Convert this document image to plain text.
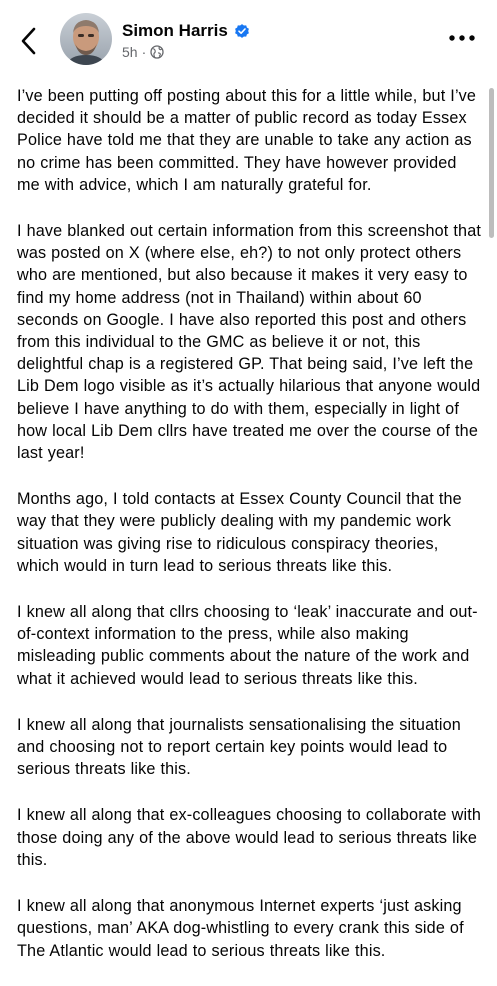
Simon Harris
5h ·

I’ve been putting off posting about this for a little while, but I’ve decided it should be a matter of public record as today Essex Police have told me that they are unable to take any action as no crime has been committed. They have however provided me with advice, which I am naturally grateful for.

I have blanked out certain information from this screenshot that was posted on X (where else, eh?) to not only protect others who are mentioned, but also because it makes it very easy to find my home address (not in Thailand) within about 60 seconds on Google. I have also reported this post and others from this individual to the GMC as believe it or not, this delightful chap is a registered GP. That being said, I’ve left the Lib Dem logo visible as it’s actually hilarious that anyone would believe I have anything to do with them, especially in light of how local Lib Dem cllrs have treated me over the course of the last year!

Months ago, I told contacts at Essex County Council that the way that they were publicly dealing with my pandemic work situation was giving rise to ridiculous conspiracy theories, which would in turn lead to serious threats like this.

I knew all along that cllrs choosing to ‘leak’ inaccurate and out-of-context information to the press, while also making misleading public comments about the nature of the work and what it achieved would lead to serious threats like this.

I knew all along that journalists sensationalising the situation and choosing not to report certain key points would lead to serious threats like this.

I knew all along that ex-colleagues choosing to collaborate with those doing any of the above would lead to serious threats like this.

I knew all along that anonymous Internet experts ‘just asking questions, man’ AKA dog-whistling to every crank this side of The Atlantic would lead to serious threats like this.
